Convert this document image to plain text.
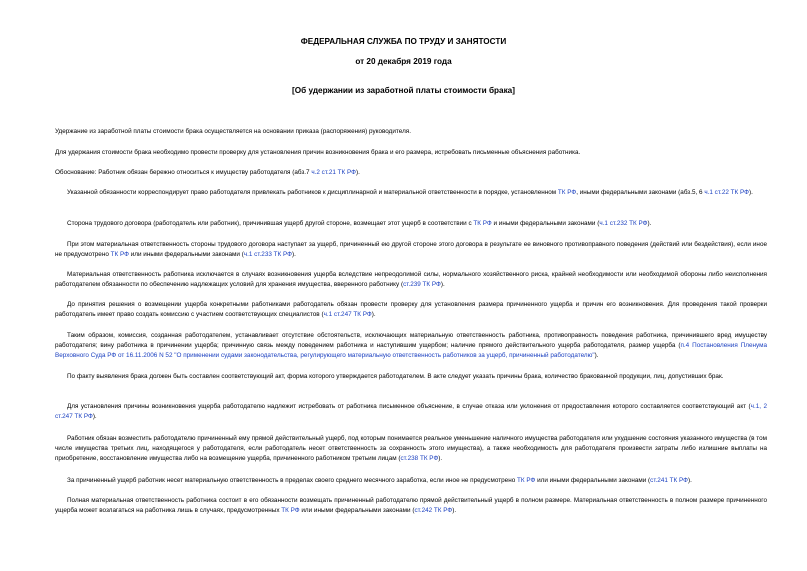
ФЕДЕРАЛЬНАЯ СЛУЖБА ПО ТРУДУ И ЗАНЯТОСТИ
от 20 декабря 2019 года
[Об удержании из заработной платы стоимости брака]

Удержание из заработной платы стоимости брака осуществляется на основании приказа (распоряжения) руководителя.

Для удержания стоимости брака необходимо провести проверку для установления причин возникновения брака и его размера, истребовать письменные объяснения работника.

Обоснование: Работник обязан бережно относиться к имуществу работодателя (абз.7 ч.2 ст.21 ТК РФ).

Указанной обязанности корреспондирует право работодателя привлекать работников к дисциплинарной и материальной ответственности в порядке, установленном ТК РФ, иными федеральными законами (абз.5, 6 ч.1 ст.22 ТК РФ).

Сторона трудового договора (работодатель или работник), причинившая ущерб другой стороне, возмещает этот ущерб в соответствии с ТК РФ и иными федеральными законами (ч.1 ст.232 ТК РФ).

При этом материальная ответственность стороны трудового договора наступает за ущерб, причиненный ею другой стороне этого договора в результате ее виновного противоправного поведения (действий или бездействия), если иное не предусмотрено ТК РФ или иными федеральными законами (ч.1 ст.233 ТК РФ).

Материальная ответственность работника исключается в случаях возникновения ущерба вследствие непреодолимой силы, нормального хозяйственного риска, крайней необходимости или необходимой обороны либо неисполнения работодателем обязанности по обеспечению надлежащих условий для хранения имущества, вверенного работнику (ст.239 ТК РФ).

До принятия решения о возмещении ущерба конкретными работниками работодатель обязан провести проверку для установления размера причиненного ущерба и причин его возникновения. Для проведения такой проверки работодатель имеет право создать комиссию с участием соответствующих специалистов (ч.1 ст.247 ТК РФ).

Таким образом, комиссия, созданная работодателем, устанавливает отсутствие обстоятельств, исключающих материальную ответственность работника, противоправность поведения работника, причинившего вред имуществу работодателя; вину работника в причинении ущерба; причинную связь между поведением работника и наступившим ущербом; наличие прямого действительного ущерба работодателя, размер ущерба (п.4 Постановления Пленума Верховного Суда РФ от 16.11.2006 N 52 "О применении судами законодательства, регулирующего материальную ответственность работников за ущерб, причиненный работодателю").

По факту выявления брака должен быть составлен соответствующий акт, форма которого утверждается работодателем. В акте следует указать причины брака, количество бракованной продукции, лиц, допустивших брак.

Для установления причины возникновения ущерба работодателю надлежит истребовать от работника письменное объяснение, в случае отказа или уклонения от предоставления которого составляется соответствующий акт (ч.1, 2 ст.247 ТК РФ).

Работник обязан возместить работодателю причиненный ему прямой действительный ущерб, под которым понимается реальное уменьшение наличного имущества работодателя или ухудшение состояния указанного имущества (в том числе имущества третьих лиц, находящегося у работодателя, если работодатель несет ответственность за сохранность этого имущества), а также необходимость для работодателя произвести затраты либо излишние выплаты на приобретение, восстановление имущества либо на возмещение ущерба, причиненного работником третьим лицам (ст.238 ТК РФ).

За причиненный ущерб работник несет материальную ответственность в пределах своего среднего месячного заработка, если иное не предусмотрено ТК РФ или иными федеральными законами (ст.241 ТК РФ).

Полная материальная ответственность работника состоит в его обязанности возмещать причиненный работодателю прямой действительный ущерб в полном размере. Материальная ответственность в полном размере причиненного ущерба может возлагаться на работника лишь в случаях, предусмотренных ТК РФ или иными федеральными законами (ст.242 ТК РФ).
